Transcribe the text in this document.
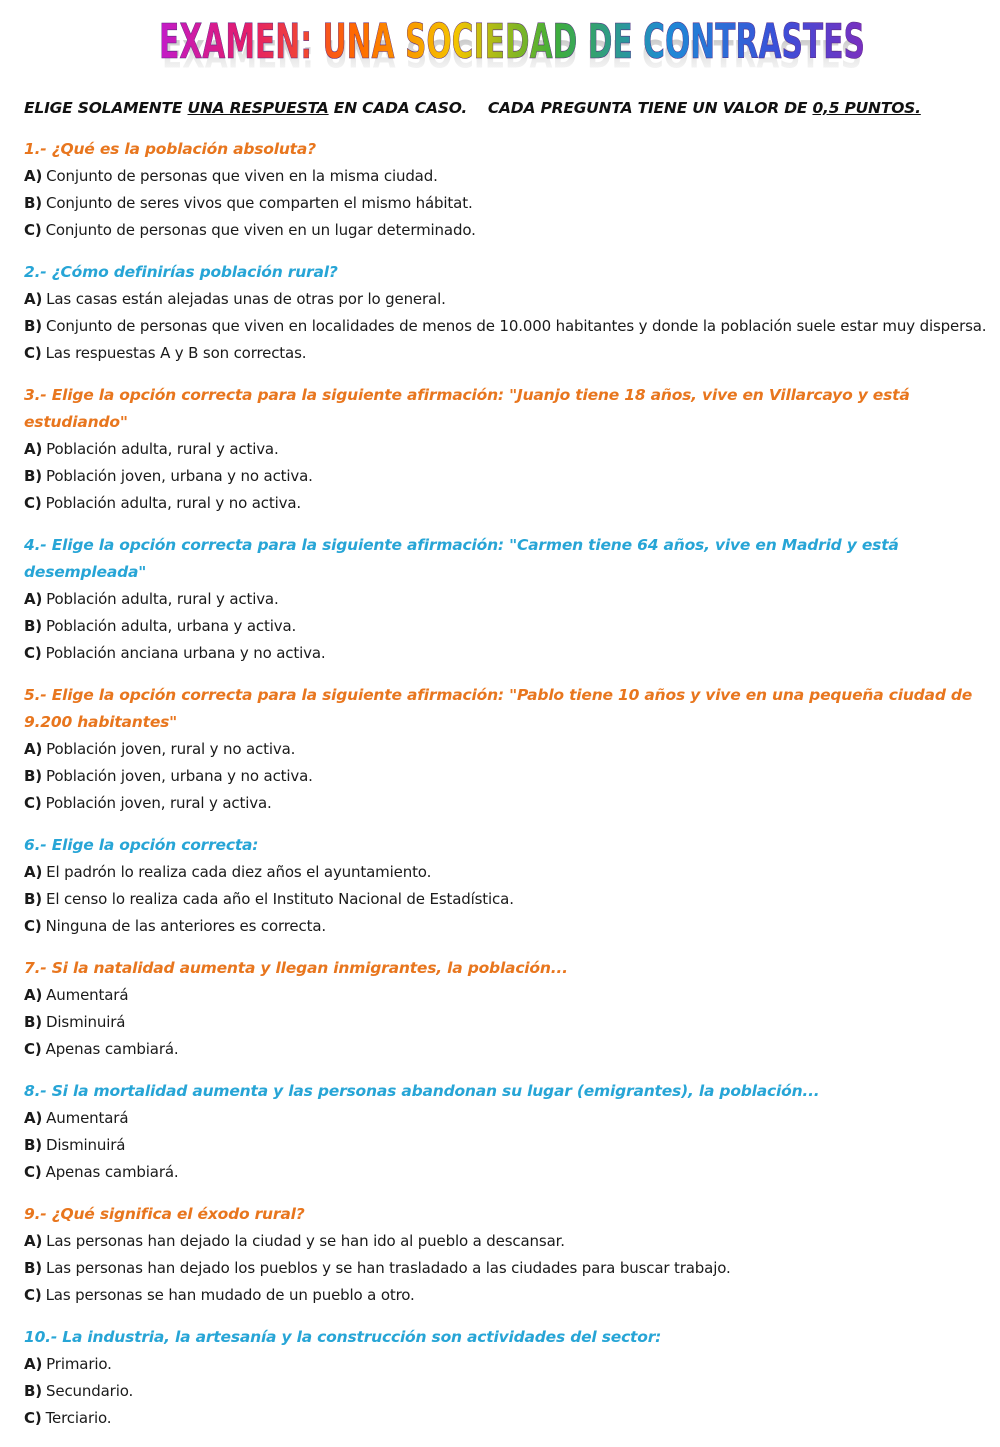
EXAMEN: UNA SOCIEDAD DE CONTRASTES
EXAMEN: UNA SOCIEDAD DE CONTRASTES
ELIGE SOLAMENTE UNA RESPUESTA EN CADA CASO.    CADA PREGUNTA TIENE UN VALOR DE 0,5 PUNTOS.
1.- ¿Qué es la población absoluta?
A) Conjunto de personas que viven en la misma ciudad.
B) Conjunto de seres vivos que comparten el mismo hábitat.
C) Conjunto de personas que viven en un lugar determinado.
2.- ¿Cómo definirías población rural?
A) Las casas están alejadas unas de otras por lo general.
B) Conjunto de personas que viven en localidades de menos de 10.000 habitantes y donde la población suele estar muy dispersa.
C) Las respuestas A y B son correctas.
3.- Elige la opción correcta para la siguiente afirmación: "Juanjo tiene 18 años, vive en Villarcayo y está estudiando"
A) Población adulta, rural y activa.
B) Población joven, urbana y no activa.
C) Población adulta, rural y no activa.
4.- Elige la opción correcta para la siguiente afirmación: "Carmen tiene 64 años, vive en Madrid y está desempleada"
A) Población adulta, rural y activa.
B) Población adulta, urbana y activa.
C) Población anciana urbana y no activa.
5.- Elige la opción correcta para la siguiente afirmación: "Pablo tiene 10 años y vive en una pequeña ciudad de 9.200 habitantes"
A) Población joven, rural y no activa.
B) Población joven, urbana y no activa.
C) Población joven, rural y activa.
6.- Elige la opción correcta:
A) El padrón lo realiza cada diez años el ayuntamiento.
B) El censo lo realiza cada año el Instituto Nacional de Estadística.
C) Ninguna de las anteriores es correcta.
7.- Si la natalidad aumenta y llegan inmigrantes, la población...
A) Aumentará
B) Disminuirá
C) Apenas cambiará.
8.- Si la mortalidad aumenta y las personas abandonan su lugar (emigrantes), la población...
A) Aumentará
B) Disminuirá
C) Apenas cambiará.
9.- ¿Qué significa el éxodo rural?
A) Las personas han dejado la ciudad y se han ido al pueblo a descansar.
B) Las personas han dejado los pueblos y se han trasladado a las ciudades para buscar trabajo.
C) Las personas se han mudado de un pueblo a otro.
10.- La industria, la artesanía y la construcción son actividades del sector:
A) Primario.
B) Secundario.
C) Terciario.
